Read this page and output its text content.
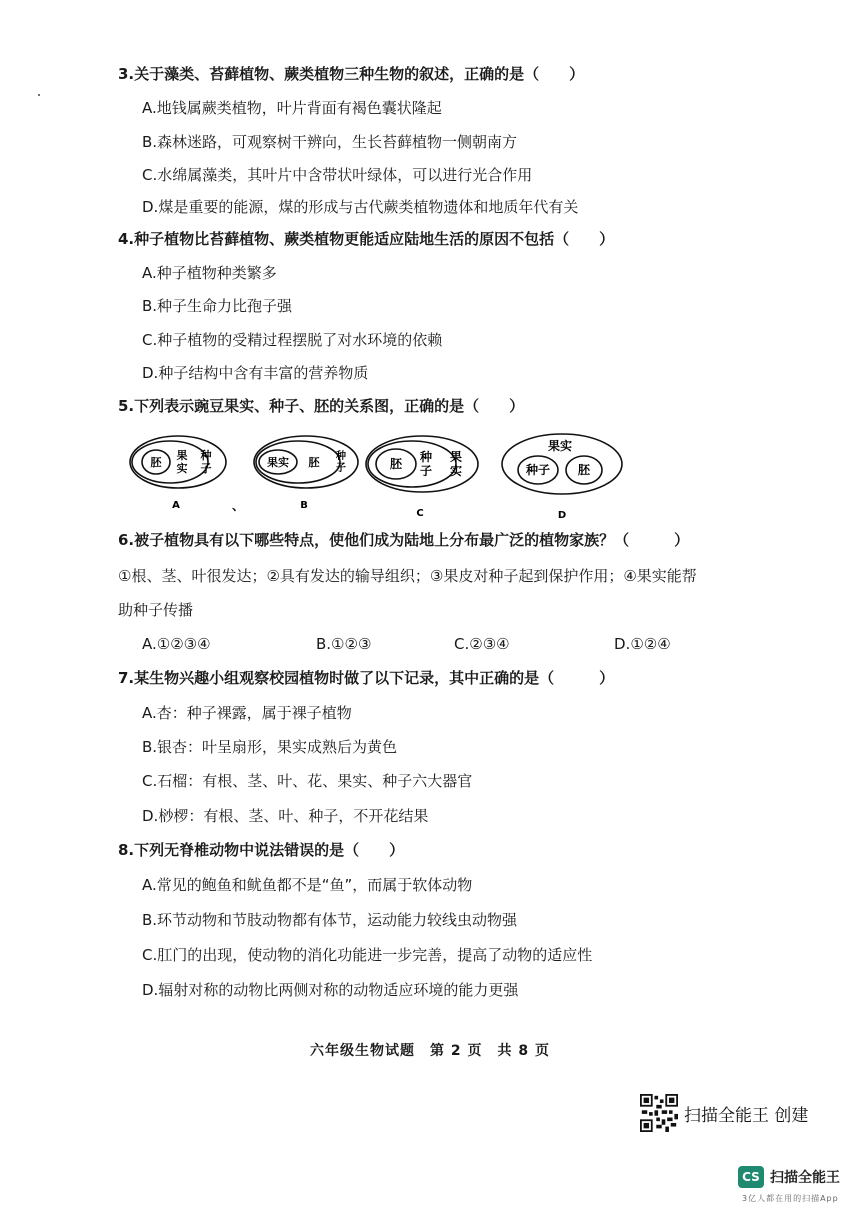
3.关于藻类、苔藓植物、蕨类植物三种生物的叙述，正确的是（　　）
A.地钱属蕨类植物，叶片背面有褐色囊状隆起
B.森林迷路，可观察树干辨向，生长苔藓植物一侧朝南方
C.水绵属藻类，其叶片中含带状叶绿体，可以进行光合作用
D.煤是重要的能源，煤的形成与古代蕨类植物遗体和地质年代有关
4.种子植物比苔藓植物、蕨类植物更能适应陆地生活的原因不包括（　　）
A.种子植物种类繁多
B.种子生命力比孢子强
C.种子植物的受精过程摆脱了对水环境的依赖
D.种子结构中含有丰富的营养物质
5.下列表示豌豆果实、种子、胚的关系图，正确的是（　　）
胚
果
实
种
子
A	、
果实 胚 种
子
B
胚 种
子
果
实
C
果实
种子 胚
D
6.被子植物具有以下哪些特点，使他们成为陆地上分布最广泛的植物家族？（　　　）
①根、茎、叶很发达；②具有发达的输导组织；③果皮对种子起到保护作用；④果实能帮
助种子传播
A.①②③④	B.①②③	C.②③④	D.①②④
7.某生物兴趣小组观察校园植物时做了以下记录，其中正确的是（　　　）
A.杏：种子裸露，属于裸子植物
B.银杏：叶呈扇形，果实成熟后为黄色
C.石榴：有根、茎、叶、花、果实、种子六大器官
D.桫椤：有根、茎、叶、种子，不开花结果
8.下列无脊椎动物中说法错误的是（　　）
A.常见的鲍鱼和鱿鱼都不是“鱼”，而属于软体动物
B.环节动物和节肢动物都有体节，运动能力较线虫动物强
C.肛门的出现，使动物的消化功能进一步完善，提高了动物的适应性
D.辐射对称的动物比两侧对称的动物适应环境的能力更强
六年级生物试题　第 2 页　共 8 页
扫描全能王 创建
CS 扫描全能王
3亿人都在用的扫描App
